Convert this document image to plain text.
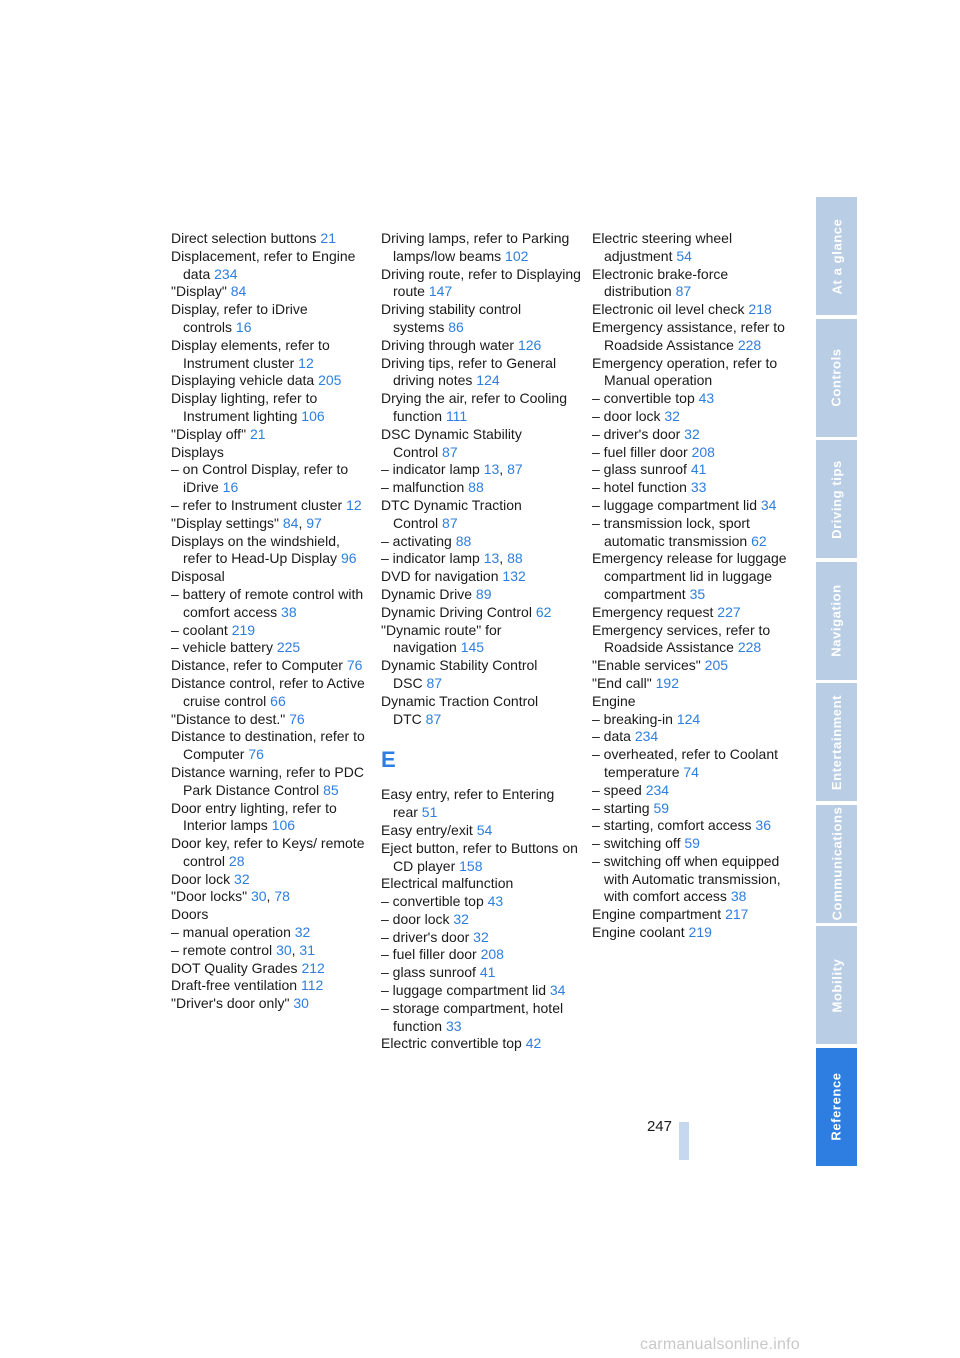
Direct selection buttons 21
Displacement, refer to Engine data 234
"Display" 84
Display, refer to iDrive controls 16
Display elements, refer to Instrument cluster 12
Displaying vehicle data 205
Display lighting, refer to Instrument lighting 106
"Display off" 21
Displays
– on Control Display, refer to iDrive 16
– refer to Instrument cluster 12
"Display settings" 84, 97
Displays on the windshield, refer to Head-Up Display 96
Disposal
– battery of remote control with comfort access 38
– coolant 219
– vehicle battery 225
Distance, refer to Computer 76
Distance control, refer to Active cruise control 66
"Distance to dest." 76
Distance to destination, refer to Computer 76
Distance warning, refer to PDC Park Distance Control 85
Door entry lighting, refer to Interior lamps 106
Door key, refer to Keys/ remote control 28
Door lock 32
"Door locks" 30, 78
Doors
– manual operation 32
– remote control 30, 31
DOT Quality Grades 212
Draft-free ventilation 112
"Driver's door only" 30
Driving lamps, refer to Parking lamps/low beams 102
Driving route, refer to Displaying route 147
Driving stability control systems 86
Driving through water 126
Driving tips, refer to General driving notes 124
Drying the air, refer to Cooling function 111
DSC Dynamic Stability Control 87
– indicator lamp 13, 87
– malfunction 88
DTC Dynamic Traction Control 87
– activating 88
– indicator lamp 13, 88
DVD for navigation 132
Dynamic Drive 89
Dynamic Driving Control 62
"Dynamic route" for navigation 145
Dynamic Stability Control DSC 87
Dynamic Traction Control DTC 87
E
Easy entry, refer to Entering rear 51
Easy entry/exit 54
Eject button, refer to Buttons on CD player 158
Electrical malfunction
– convertible top 43
– door lock 32
– driver's door 32
– fuel filler door 208
– glass sunroof 41
– luggage compartment lid 34
– storage compartment, hotel function 33
Electric convertible top 42
Electric steering wheel adjustment 54
Electronic brake-force distribution 87
Electronic oil level check 218
Emergency assistance, refer to Roadside Assistance 228
Emergency operation, refer to Manual operation
– convertible top 43
– door lock 32
– driver's door 32
– fuel filler door 208
– glass sunroof 41
– hotel function 33
– luggage compartment lid 34
– transmission lock, sport automatic transmission 62
Emergency release for luggage compartment lid in luggage compartment 35
Emergency request 227
Emergency services, refer to Roadside Assistance 228
"Enable services" 205
"End call" 192
Engine
– breaking-in 124
– data 234
– overheated, refer to Coolant temperature 74
– speed 234
– starting 59
– starting, comfort access 36
– switching off 59
– switching off when equipped with Automatic transmission, with comfort access 38
Engine compartment 217
Engine coolant 219
At a glance
Controls
Driving tips
Navigation
Entertainment
Communications
Mobility
Reference
247
carmanualsonline.info
